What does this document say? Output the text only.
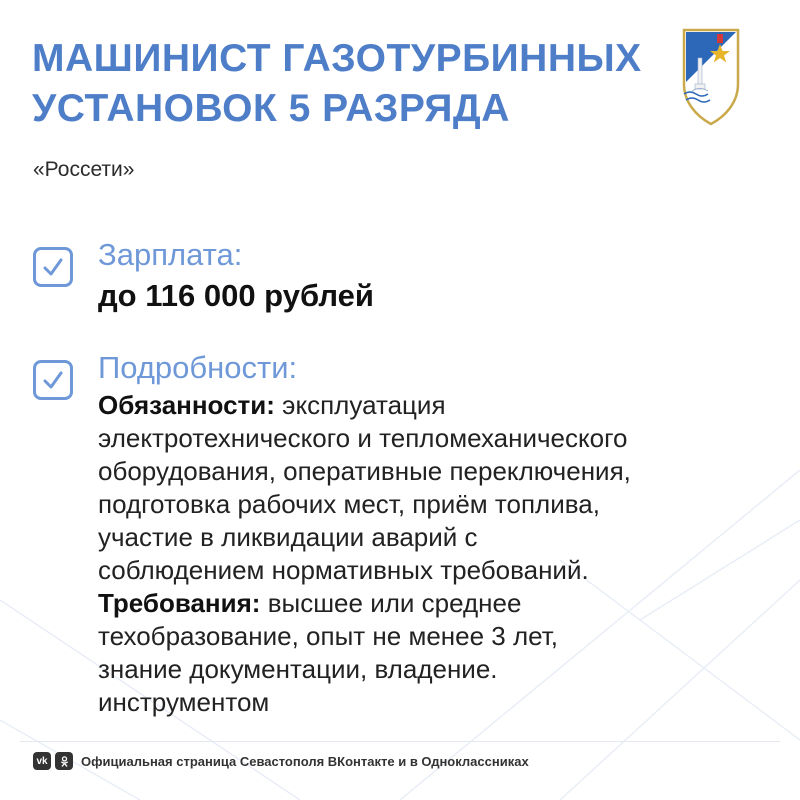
МАШИНИСТ ГАЗОТУРБИННЫХ
УСТАНОВОК 5 РАЗРЯДА
«Россети»
Зарплата:
до 116 000 рублей
Подробности:
Обязанности: эксплуатация
электротехнического и тепломеханического
оборудования, оперативные переключения,
подготовка рабочих мест, приём топлива,
участие в ликвидации аварий с
соблюдением нормативных требований.
Требования: высшее или среднее
техобразование, опыт не менее 3 лет,
знание документации, владение.
инструментом
vk	Официальная страница Севастополя ВКонтакте и в Одноклассниках
